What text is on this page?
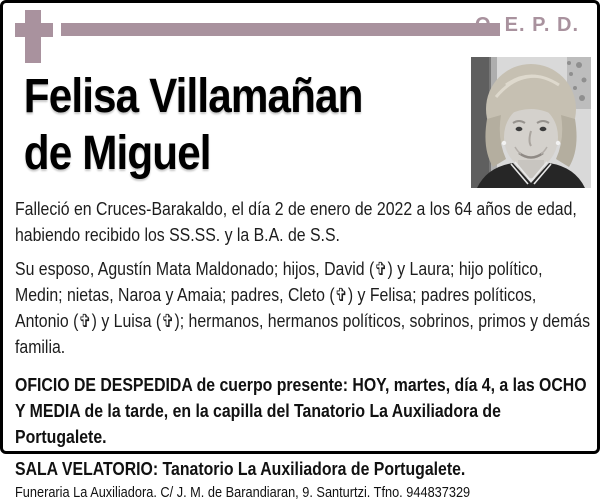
Q. E. P. D.
Felisa Villamañan
de Miguel

Falleció en Cruces-Barakaldo, el día 2 de enero de 2022 a los 64 años de edad, habiendo recibido los SS.SS. y la B.A. de S.S.

Su esposo, Agustín Mata Maldonado; hijos, David (✞) y Laura; hijo político, Medin; nietas, Naroa y Amaia; padres, Cleto (✞) y Felisa; padres políticos, Antonio (✞) y Luisa (✞); hermanos, hermanos políticos, sobrinos, primos y demás familia.

OFICIO DE DESPEDIDA de cuerpo presente: HOY, martes, día 4, a las OCHO Y MEDIA de la tarde, en la capilla del Tanatorio La Auxiliadora de Portugalete.

SALA VELATORIO: Tanatorio La Auxiliadora de Portugalete.

Funeraria La Auxiliadora. C/ J. M. de Barandiaran, 9. Santurtzi. Tfno. 944837329
